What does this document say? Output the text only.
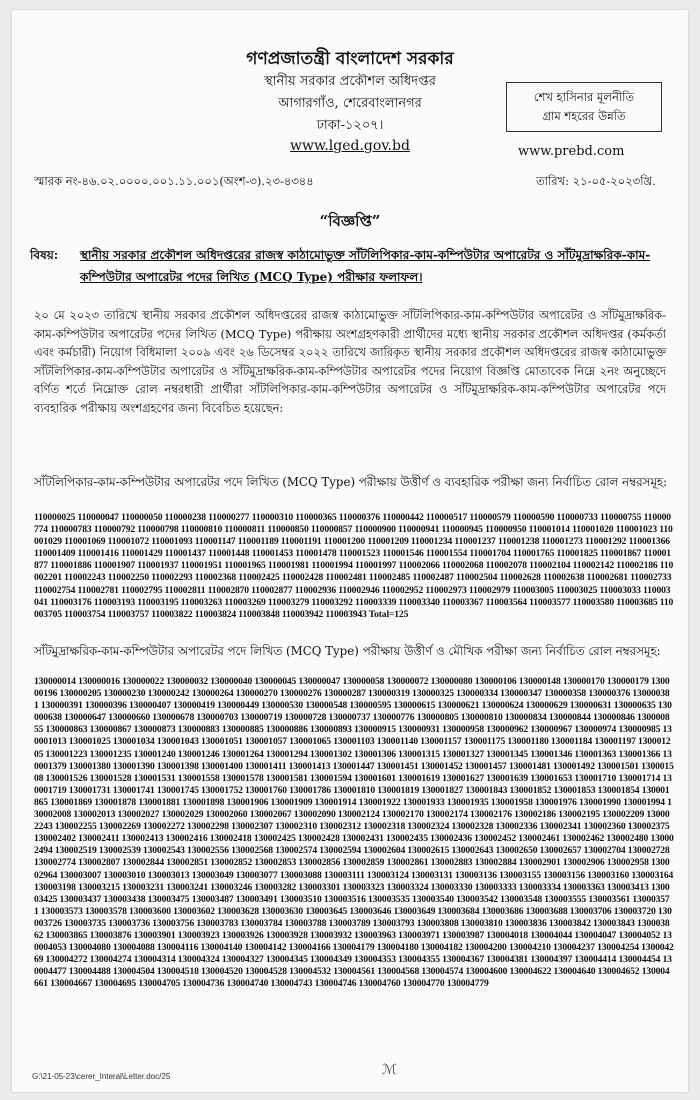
গণপ্রজাতন্ত্রী বাংলাদেশ সরকার
স্থানীয় সরকার প্রকৌশল অধিদপ্তর
আগারগাঁও, শেরেবাংলানগর
ঢাকা-১২০৭।
www.lged.gov.bd
শেখ হাসিনার মূলনীতি
গ্রাম শহরের উন্নতি
www.prebd.com
স্মারক নং-৪৬.০২.০০০০.০০১.১১.০০১(অংশ-৩).২৩-৪৩৪৪	তারিখ: ২১-০৫-২০২৩খ্রি.
“বিজ্ঞপ্তি”
বিষয়: স্থানীয় সরকার প্রকৌশল অধিদপ্তরের রাজস্ব কাঠামোভুক্ত সাঁটলিপিকার-কাম-কম্পিউটার অপারেটর ও সাঁটমুদ্রাক্ষরিক-কাম-কম্পিউটার অপারেটর পদের লিখিত (MCQ Type) পরীক্ষার ফলাফল।
২০ মে ২০২৩ তারিখে স্থানীয় সরকার প্রকৌশল অধিদপ্তরের রাজস্ব কাঠামোভুক্ত সাঁটলিপিকার-কাম-কম্পিউটার অপারেটর ও সাঁটমুদ্রাক্ষরিক-কাম-কম্পিউটার অপারেটর পদের লিখিত (MCQ Type) পরীক্ষায় অংশগ্রহণকারী প্রার্থীদের মধ্যে স্থানীয় সরকার প্রকৌশল অধিদপ্তর (কর্মকর্তা এবং কর্মচারী) নিয়োগ বিধিমালা ২০০৯ এবং ২৬ ডিসেম্বর ২০২২ তারিখে জারিকৃত স্থানীয় সরকার প্রকৌশল অধিদপ্তরের রাজস্ব কাঠামোভুক্ত সাঁটলিপিকার-কাম-কম্পিউটার অপারেটর ও সাঁটমুদ্রাক্ষরিক-কাম-কম্পিউটার অপারেটর পদের নিয়োগ বিজ্ঞপ্তি মোতাবেক নিম্নে ২নং অনুচ্ছেদে বর্ণিত শর্তে নিম্নোক্ত রোল নম্বরধারী প্রার্থীরা সাঁটলিপিকার-কাম-কম্পিউটার অপারেটর ও সাঁটমুদ্রাক্ষরিক-কাম-কম্পিউটার অপারেটর পদে ব্যবহারিক পরীক্ষায় অংশগ্রহণের জন্য বিবেচিত হয়েছেন:
সাঁটলিপিকার-কাম-কম্পিউটার অপারেটর পদে লিখিত (MCQ Type) পরীক্ষায় উত্তীর্ণ ও ব্যবহারিক পরীক্ষা জন্য নির্বাচিত রোল নম্বরসমূহ:
110000025 110000047 110000050 110000238 110000277 110000310 110000365 110000376 110000442 110000517 110000579 110000590 110000733 110000755 110000774 110000783 110000792 110000798 110000810 110000811 110000850 110000857 110000900 110000941 110000945 110000950 110001014 110001020 110001023 110001029 110001069 110001072 110001093 110001147 110001189 110001191 110001200 110001209 110001234 110001237 110001238 110001273 110001292 110001366 110001409 110001416 110001429 110001437 110001448 110001453 110001478 110001523 110001546 110001554 110001704 110001765 110001825 110001867 110001877 110001886 110001907 110001937 110001951 110001965 110001981 110001994 110001997 110002066 110002068 110002078 110002104 110002142 110002186 110002201 110002243 110002250 110002293 110002368 110002425 110002428 110002481 110002485 110002487 110002504 110002628 110002638 110002681 110002733 110002754 110002781 110002795 110002811 110002870 110002877 110002936 110002946 110002952 110002973 110002979 110003005 110003025 110003033 110003041 110003176 110003193 110003195 110003263 110003269 110003279 110003292 110003339 110003340 110003367 110003564 110003577 110003580 110003685 110003705 110003754 110003757 110003822 110003824 110003848 110003942 110003943 Total=125
সাঁটমুদ্রাক্ষরিক-কাম-কম্পিউটার অপারেটর পদে লিখিত (MCQ Type) পরীক্ষায় উত্তীর্ণ ও মৌখিক পরীক্ষা জন্য নির্বাচিত রোল নম্বরসমূহ:
130000014 130000016 130000022 130000032 130000040 130000045 130000047 130000058 130000072 130000080 130000106 130000148 130000170 130000179 130000196 130000205 130000230 130000242 130000264 130000270 130000276 130000287 130000319 130000325 130000334 130000347 130000358 130000376 130000381 130000391 130000396 130000407 130000419 130000449 130000530 130000548 130000595 130000615 130000621 130000624 130000629 130000631 130000635 130000638 130000647 130000660 130000678 130000703 130000719 130000728 130000737 130000776 130000805 130000810 130000834 130000844 130000846 130000855 130000863 130000867 130000873 130000883 130000885 130000886 130000893 130000915 130000931 130000958 130000962 130000967 130000974 130000985 130001013 130001025 130001034 130001043 130001051 130001057 130001065 130001103 130001140 130001157 130001175 130001180 130001184 130001197 130001205 130001223 130001235 130001240 130001246 130001264 130001294 130001302 130001306 130001315 130001327 130001345 130001346 130001363 130001366 130001379 130001380 130001390 130001398 130001400 130001411 130001413 130001447 130001451 130001452 130001457 130001481 130001492 130001501 130001508 130001526 130001528 130001531 130001558 130001578 130001581 130001594 130001601 130001619 130001627 130001639 130001653 130001710 130001714 130001719 130001731 130001741 130001745 130001752 130001760 130001786 130001810 130001819 130001827 130001843 130001852 130001853 130001854 130001865 130001869 130001878 130001881 130001898 130001906 130001909 130001914 130001922 130001933 130001935 130001958 130001976 130001990 130001994 130002008 130002013 130002027 130002029 130002060 130002067 130002090 130002124 130002170 130002174 130002176 130002186 130002195 130002209 130002243 130002255 130002269 130002272 130002298 130002307 130002310 130002312 130002318 130002324 130002328 130002336 130002341 130002360 130002375 130002402 130002411 130002413 130002416 130002418 130002425 130002428 130002431 130002435 130002436 130002452 130002461 130002462 130002480 130002494 130002519 130002539 130002543 130002556 130002568 130002574 130002594 130002604 130002615 130002643 130002650 130002657 130002704 130002728 130002774 130002807 130002844 130002851 130002852 130002853 130002856 130002859 130002861 130002883 130002884 130002901 130002906 130002958 130002964 130003007 130003010 130003013 130003049 130003077 130003088 130003111 130003124 130003131 130003136 130003155 130003156 130003160 130003164 130003198 130003215 130003231 130003241 130003246 130003282 130003301 130003323 130003324 130003330 130003333 130003334 130003363 130003413 130003425 130003437 130003438 130003475 130003487 130003491 130003510 130003516 130003535 130003540 130003542 130003548 130003555 130003561 130003571 130003573 130003578 130003600 130003602 130003628 130003630 130003645 130003646 130003649 130003684 130003686 130003688 130003706 130003720 130003726 130003735 130003736 130003756 130003783 130003784 130003788 130003789 130003793 130003808 130003810 130003836 130003842 130003843 130003862 130003865 130003876 130003901 130003923 130003926 130003928 130003932 130003963 130003971 130003987 130004018 130004044 130004047 130004052 130004053 130004080 130004088 130004116 130004140 130004142 130004166 130004179 130004180 130004182 130004200 130004210 130004237 130004254 130004269 130004272 130004274 130004314 130004324 130004327 130004345 130004349 130004353 130004355 130004367 130004381 130004397 130004414 130004454 130004477 130004488 130004504 130004518 130004520 130004528 130004532 130004561 130004568 130004574 130004600 130004622 130004640 130004652 130004661 130004667 130004695 130004705 130004736 130004740 130004743 130004746 130004760 130004770 130004779
G:\21-05-23\cerer_Interal\Letter.doc/25	ℳ
